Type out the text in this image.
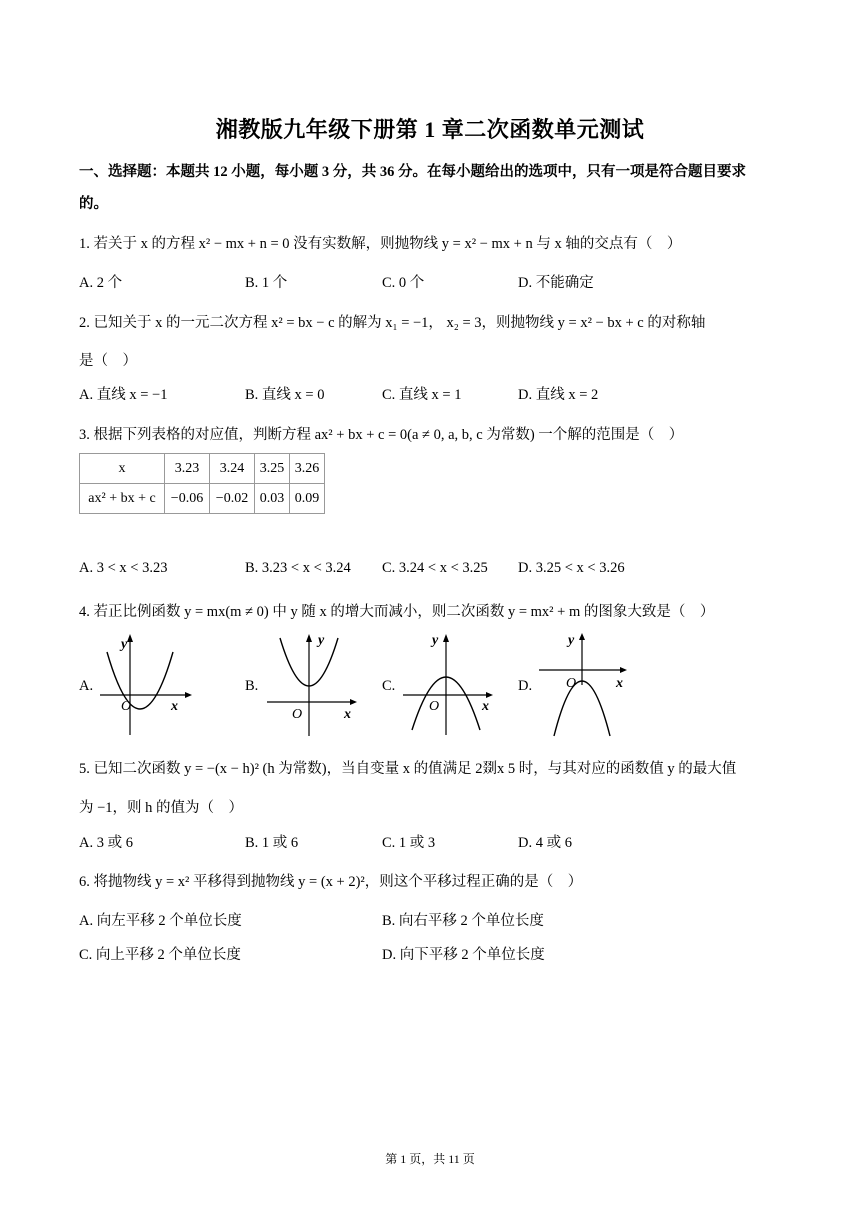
湘教版九年级下册第 1 章二次函数单元测试
一、选择题：本题共 12 小题，每小题 3 分，共 36 分。在每小题给出的选项中，只有一项是符合题目要求
的。
1. 若关于 x 的方程 x² − mx + n = 0 没有实数解，则抛物线 y = x² − mx + n 与 x 轴的交点有（　）
A. 2 个	B. 1 个	C. 0 个	D. 不能确定
2. 已知关于 x 的一元二次方程 x² = bx − c 的解为 x₁ = −1， x₂ = 3，则抛物线 y = x² − bx + c 的对称轴
是（　）
A. 直线 x = −1	B. 直线 x = 0	C. 直线 x = 1	D. 直线 x = 2
3. 根据下列表格的对应值，判断方程 ax² + bx + c = 0(a ≠ 0, a, b, c 为常数) 一个解的范围是（　）
x	3.23	3.24	3.25	3.26
ax² + bx + c	−0.06	−0.02	0.03	0.09
A. 3 < x < 3.23	B. 3.23 < x < 3.24 C. 3.24 < x < 3.25 D. 3.25 < x < 3.26
4. 若正比例函数 y = mx(m ≠ 0) 中 y 随 x 的增大而减小，则二次函数 y = mx² + m 的图象大致是（　）
A.
y
x
O
B.
y
x
O
C.
y
x
O
D.
y
x
O
5. 已知二次函数 y = −(x − h)² (h 为常数)，当自变量 x 的值满足 2剟x 5 时，与其对应的函数值 y 的最大值
为 −1，则 h 的值为（　）
A. 3 或 6	B. 1 或 6	C. 1 或 3	D. 4 或 6
6. 将抛物线 y = x² 平移得到抛物线 y = (x + 2)²，则这个平移过程正确的是（　）
A. 向左平移 2 个单位长度	B. 向右平移 2 个单位长度
C. 向上平移 2 个单位长度	D. 向下平移 2 个单位长度
第 1 页，共 11 页
